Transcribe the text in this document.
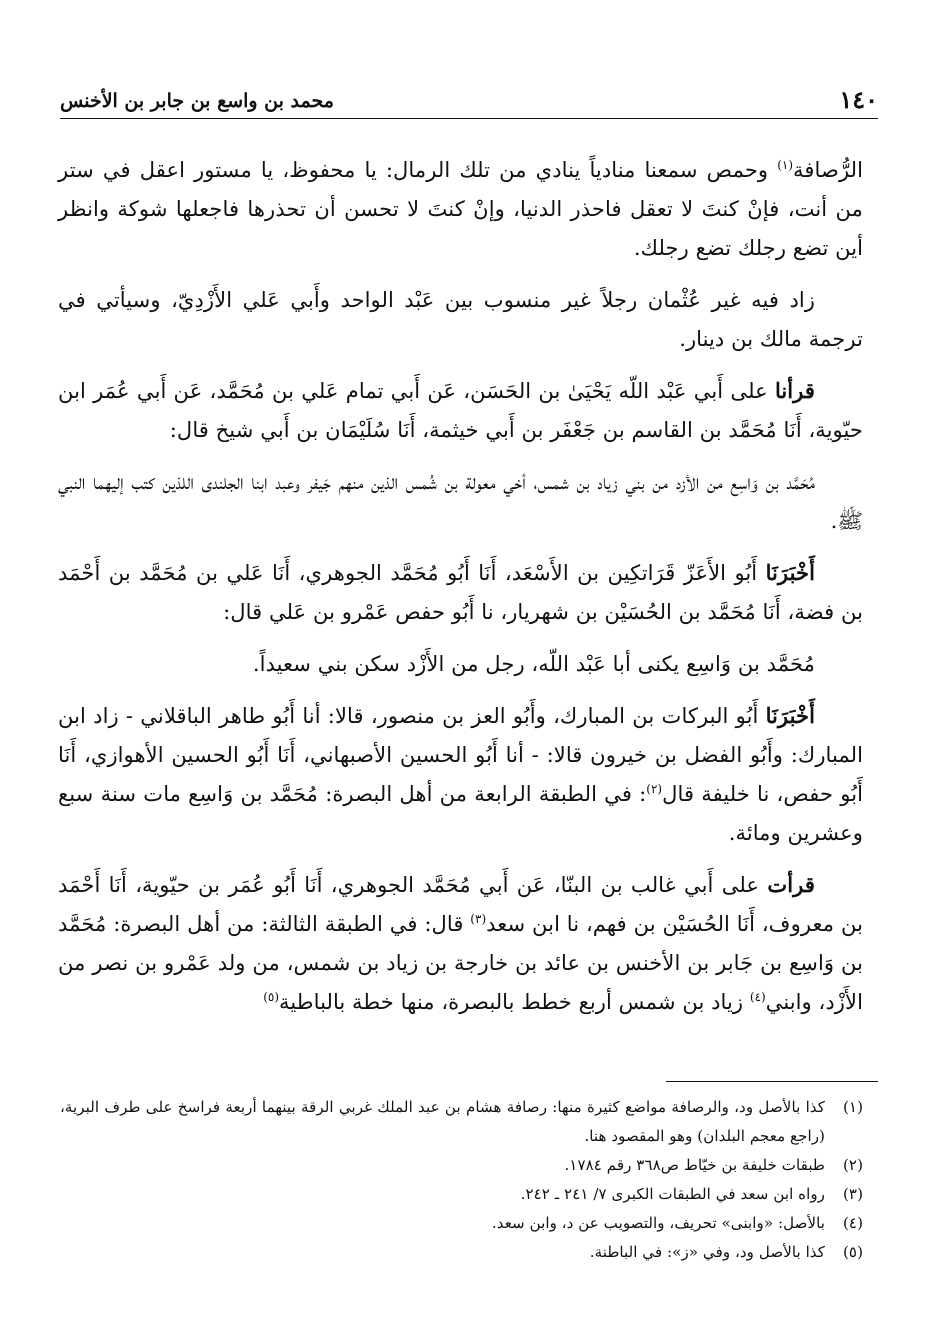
١٤٠
محمد بن واسع بن جابر بن الأخنس

الرُّصافة$^{(١)}$ وحمص سمعنا منادياً ينادي من تلك الرمال: يا محفوظ، يا مستور اعقل في ستر من أنت، فإنْ كنتَ لا تعقل فاحذر الدنيا، وإنْ كنتَ لا تحسن أن تحذرها فاجعلها شوكة وانظر أين تضع رجلك تضع رجلك.

زاد فيه غير عُثْمان رجلاً غير منسوب بين عَبْد الواحد وأَبي عَلي الأَزْدِيّ، وسيأتي في ترجمة مالك بن دينار.

قرأنا على أَبي عَبْد اللّه يَحْيَىٰ بن الحَسَن، عَن أَبي تمام عَلي بن مُحَمَّد، عَن أَبي عُمَر ابن حيّوية، أَنَا مُحَمَّد بن القاسم بن جَعْفَر بن أَبي خيثمة، أَنَا سُلَيْمَان بن أَبي شيخ قال:

مُحَمَّد بن وَاسِع من الأزد من بني زياد بن شمس، أخي معولة بن شُمس الذين منهم جَيفر وعبد ابنا الجلندى اللذين كتب إليهما النبي ﷺ.

أَخْبَرَنَا أَبُو الأَعَزّ قَرَاتكِين بن الأَسْعَد، أَنَا أَبُو مُحَمَّد الجوهري، أَنَا عَلي بن مُحَمَّد بن أَحْمَد بن فضة، أَنَا مُحَمَّد بن الحُسَيْن بن شهريار، نا أَبُو حفص عَمْرو بن عَلي قال:

مُحَمَّد بن وَاسِع يكنى أبا عَبْد اللّه، رجل من الأَزْد سكن بني سعيداً.

أَخْبَرَنَا أَبُو البركات بن المبارك، وأَبُو العز بن منصور، قالا: أنا أَبُو طاهر الباقلاني - زاد ابن المبارك: وأَبُو الفضل بن خيرون قالا: - أنا أَبُو الحسين الأصبهاني، أَنَا أَبُو الحسين الأهوازي، أَنَا أَبُو حفص، نا خليفة قال$^{(٢)}$: في الطبقة الرابعة من أهل البصرة: مُحَمَّد بن وَاسِع مات سنة سبع وعشرين ومائة.

قرأت على أَبي غالب بن البنّا، عَن أَبي مُحَمَّد الجوهري، أَنَا أَبُو عُمَر بن حيّوية، أَنَا أَحْمَد بن معروف، أَنَا الحُسَيْن بن فهم، نا ابن سعد$^{(٣)}$ قال: في الطبقة الثالثة: من أهل البصرة: مُحَمَّد بن وَاسِع بن جَابر بن الأخنس بن عائد بن خارجة بن زياد بن شمس، من ولد عَمْرو بن نصر من الأَزْد، وابني$^{(٤)}$ زياد بن شمس أربع خطط بالبصرة، منها خطة بالباطية$^{(٥)}$

(١)
كذا بالأصل ود، والرصافة مواضع كثيرة منها: رصافة هشام بن عبد الملك غربي الرقة بينهما أربعة فراسخ على طرف البرية، (راجع معجم البلدان) وهو المقصود هنا.
(٢)
طبقات خليفة بن خيّاط ص٣٦٨ رقم ١٧٨٤.
(٣)
رواه ابن سعد في الطبقات الكبرى ٧/ ٢٤١ ـ ٢٤٢.
(٤)
بالأصل: «وابنى» تحريف، والتصويب عن د، وابن سعد.
(٥)
كذا بالأصل ود، وفي «ز»: في الباطنة.
